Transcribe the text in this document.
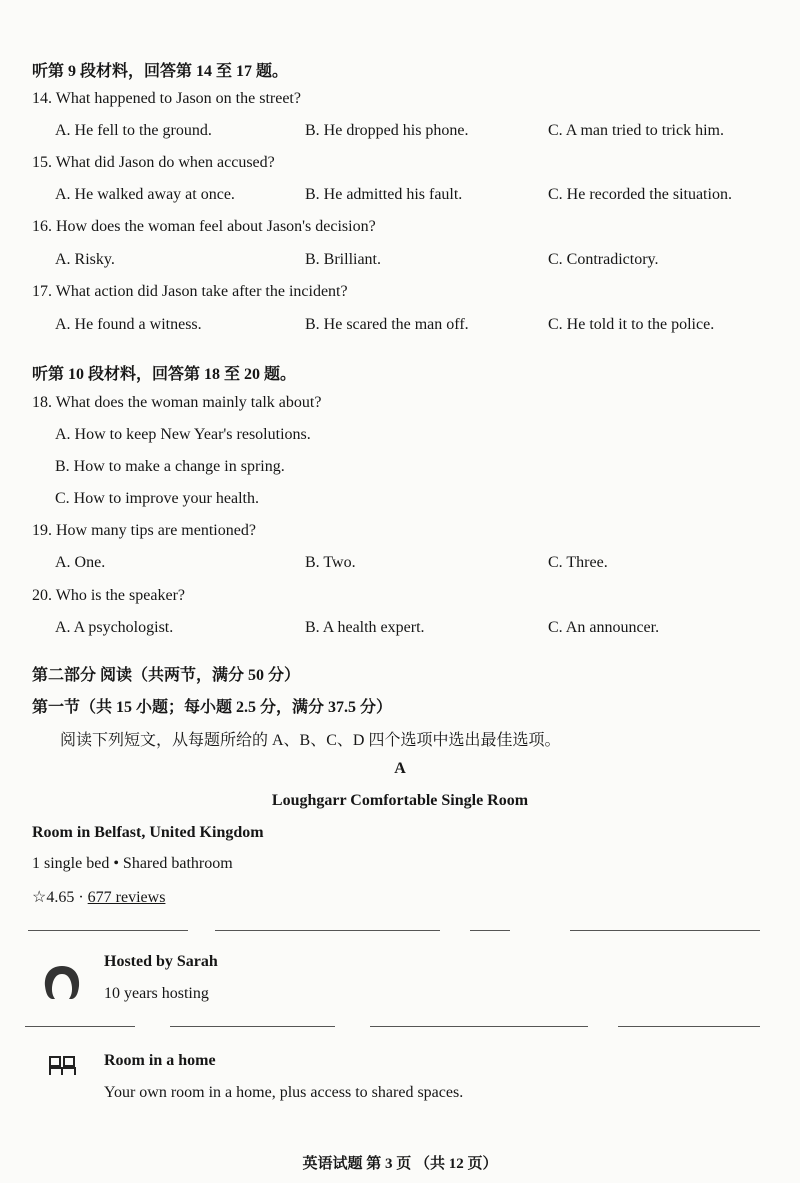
听第 9 段材料，回答第 14 至 17 题。
14. What happened to Jason on the street?
A. He fell to the ground.	B. He dropped his phone.	C. A man tried to trick him.
15. What did Jason do when accused?
A. He walked away at once.	B. He admitted his fault.	C. He recorded the situation.
16. How does the woman feel about Jason's decision?
A. Risky.	B. Brilliant.	C. Contradictory.
17. What action did Jason take after the incident?
A. He found a witness.	B. He scared the man off.	C. He told it to the police.
听第 10 段材料，回答第 18 至 20 题。
18. What does the woman mainly talk about?
A. How to keep New Year's resolutions.
B. How to make a change in spring.
C. How to improve your health.
19. How many tips are mentioned?
A. One.	B. Two.	C. Three.
20. Who is the speaker?
A. A psychologist.	B. A health expert.	C. An announcer.
第二部分 阅读（共两节，满分 50 分）
第一节（共 15 小题；每小题 2.5 分，满分 37.5 分）
阅读下列短文，从每题所给的 A、B、C、D 四个选项中选出最佳选项。
A
Loughgarr Comfortable Single Room
Room in Belfast, United Kingdom
1 single bed • Shared bathroom
☆4.65 · 677 reviews
Hosted by Sarah
10 years hosting
Room in a home
Your own room in a home, plus access to shared spaces.
英语试题 第 3 页 （共 12 页）
